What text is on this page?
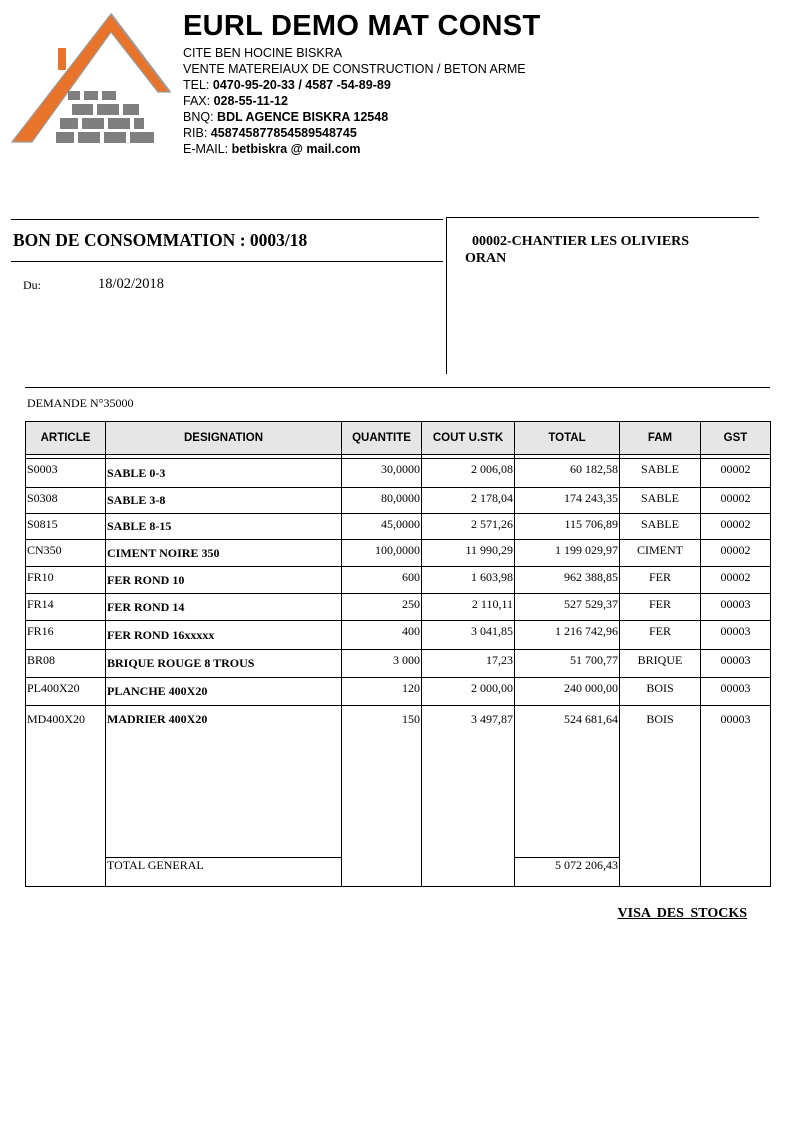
EURL DEMO MAT CONST
CITE BEN HOCINE BISKRA
VENTE MATEREIAUX DE CONSTRUCTION / BETON ARME
TEL: 0470-95-20-33 / 4587 -54-89-89
FAX: 028-55-11-12
BNQ: BDL AGENCE BISKRA 12548
RIB: 4587458778545895487​45
E-MAIL: betbiskra @ mail.com
BON DE CONSOMMATION : 0003/18
Du:	18/02/2018
00002-CHANTIER LES OLIVIERS
ORAN
DEMANDE N°35000
ARTICLE	DESIGNATION	QUANTITE	COUT U.STK	TOTAL	FAM	GST

S0003	SABLE 0-3	30,0000	2 006,08	60 182,58	SABLE	00002
S0308	SABLE 3-8	80,0000	2 178,04	174 243,35	SABLE	00002
S0815	SABLE 8-15	45,0000	2 571,26	115 706,89	SABLE	00002
CN350	CIMENT NOIRE 350	100,0000	11 990,29	1 199 029,97	CIMENT	00002
FR10	FER ROND 10	600	1 603,98	962 388,85	FER	00002
FR14	FER ROND 14	250	2 110,11	527 529,37	FER	00003
FR16	FER ROND 16xxxxx	400	3 041,85	1 216 742,96	FER	00003
BR08	BRIQUE ROUGE 8 TROUS	3 000	17,23	51 700,77	BRIQUE	00003
PL400X20	PLANCHE 400X20	120	2 000,00	240 000,00	BOIS	00003
MD400X20	MADRIER 400X20	150	3 497,87	524 681,64	BOIS	00003
	TOTAL GENERAL			5 072 206,43		
VISA DES STOCKS
